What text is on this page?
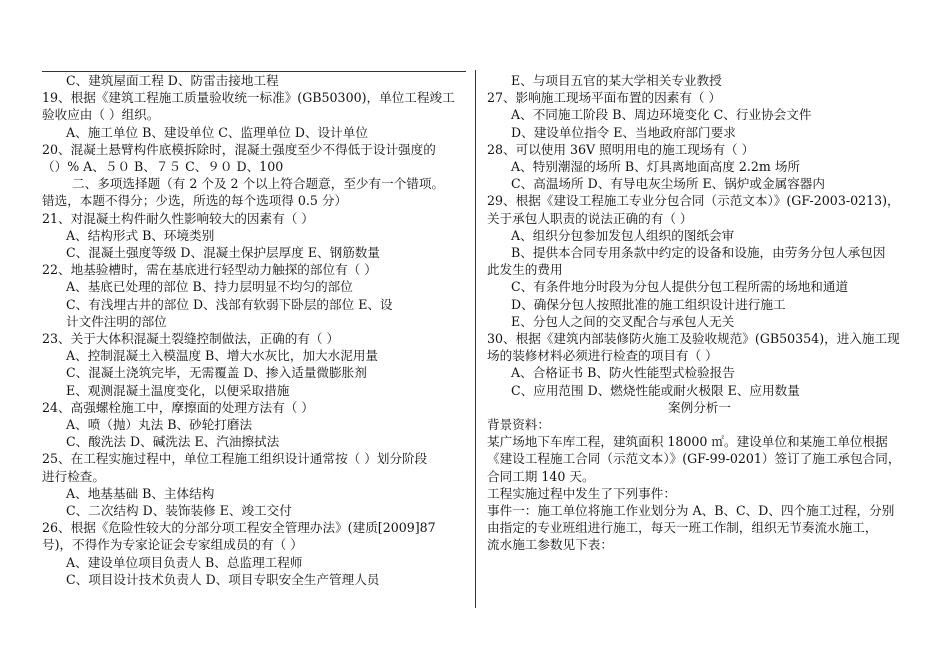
C、建筑屋面工程 D、防雷击接地工程
19、根据《建筑工程施工质量验收统一标准》(GB50300)，单位工程竣工
验收应由（ ）组织。
A、施工单位 B、建设单位 C、监理单位 D、设计单位
20、混凝土悬臂构件底模拆除时，混凝土强度至少不得低于设计强度的
（）% A、５０ B、７５ C、９０ D、100
二、多项选择题（有 2 个及 2 个以上符合题意，至少有一个错项。
错选，本题不得分；少选，所选的每个选项得 0.5 分）
21、对混凝土构件耐久性影响较大的因素有（ ）
A、结构形式 B、环境类别
C、混凝土强度等级 D、混凝土保护层厚度 E、钢筋数量
22、地基验槽时，需在基底进行轻型动力触探的部位有（ ）
A、基底已处理的部位 B、持力层明显不均匀的部位
C、有浅埋古井的部位 D、浅部有软弱下卧层的部位 E、设
计文件注明的部位
23、关于大体积混凝土裂缝控制做法，正确的有（ ）
A、控制混凝土入模温度 B、增大水灰比，加大水泥用量
C、混凝土浇筑完毕，无需覆盖 D、掺入适量微膨胀剂
E、观测混凝土温度变化，以便采取措施
24、高强螺栓施工中，摩擦面的处理方法有（ ）
A、喷（抛）丸法 B、砂轮打磨法
C、酸洗法 D、碱洗法 E、汽油擦拭法
25、在工程实施过程中，单位工程施工组织设计通常按（ ）划分阶段
进行检查。
A、地基基础 B、主体结构
C、二次结构 D、装饰装修 E、竣工交付
26、根据《危险性较大的分部分项工程安全管理办法》(建质[2009]87
号)，不得作为专家论证会专家组成员的有（ ）
A、建设单位项目负责人 B、总监理工程师
C、项目设计技术负责人 D、项目专职安全生产管理人员
E、与项目五官的某大学相关专业教授
27、影响施工现场平面布置的因素有（ ）
A、不同施工阶段 B、周边环境变化 C、行业协会文件
D、建设单位指令 E、当地政府部门要求
28、可以使用 36V 照明用电的施工现场有（ ）
A、特别潮湿的场所 B、灯具离地面高度 2.2m 场所
C、高温场所 D、有导电灰尘场所 E、锅炉或金属容器内
29、根据《建设工程施工专业分包合同（示范文本）》(GF-2003-0213)，
关于承包人职责的说法正确的有（ ）
A、组织分包参加发包人组织的图纸会审
B、提供本合同专用条款中约定的设备和设施，由劳务分包人承包因
此发生的费用
C、有条件地分时段为分包人提供分包工程所需的场地和通道
D、确保分包人按照批准的施工组织设计进行施工
E、分包人之间的交叉配合与承包人无关
30、根据《建筑内部装修防火施工及验收规范》(GB50354)，进入施工现
场的装修材料必须进行检查的项目有（ ）
A、合格证书 B、防火性能型式检验报告
C、应用范围 D、燃烧性能或耐火极限 E、应用数量
案例分析一
背景资料：
某广场地下车库工程，建筑面积 18000 ㎡。建设单位和某施工单位根据
《建设工程施工合同（示范文本）》(GF-99-0201）签订了施工承包合同，
合同工期 140 天。
工程实施过程中发生了下列事件：
事件一：施工单位将施工作业划分为 A、B、C、D、四个施工过程，分别
由指定的专业班组进行施工，每天一班工作制，组织无节奏流水施工，
流水施工参数见下表：
